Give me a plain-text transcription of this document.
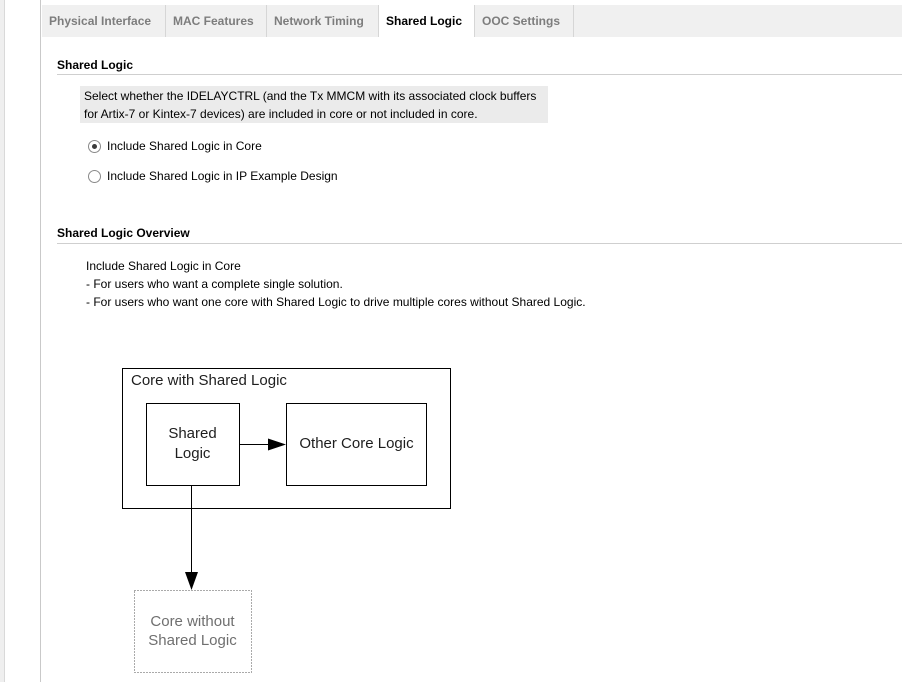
Physical Interface	MAC Features	Network Timing	Shared Logic	OOC Settings
Shared Logic
Select whether the IDELAYCTRL (and the Tx MMCM with its associated clock buffers
for Artix-7 or Kintex-7 devices) are included in core or not included in core.
Include Shared Logic in Core
Include Shared Logic in IP Example Design
Shared Logic Overview
Include Shared Logic in Core
- For users who want a complete single solution.
- For users who want one core with Shared Logic to drive multiple cores without Shared Logic.
Core with Shared Logic
Shared
Logic
Other Core Logic
Core without
Shared Logic
